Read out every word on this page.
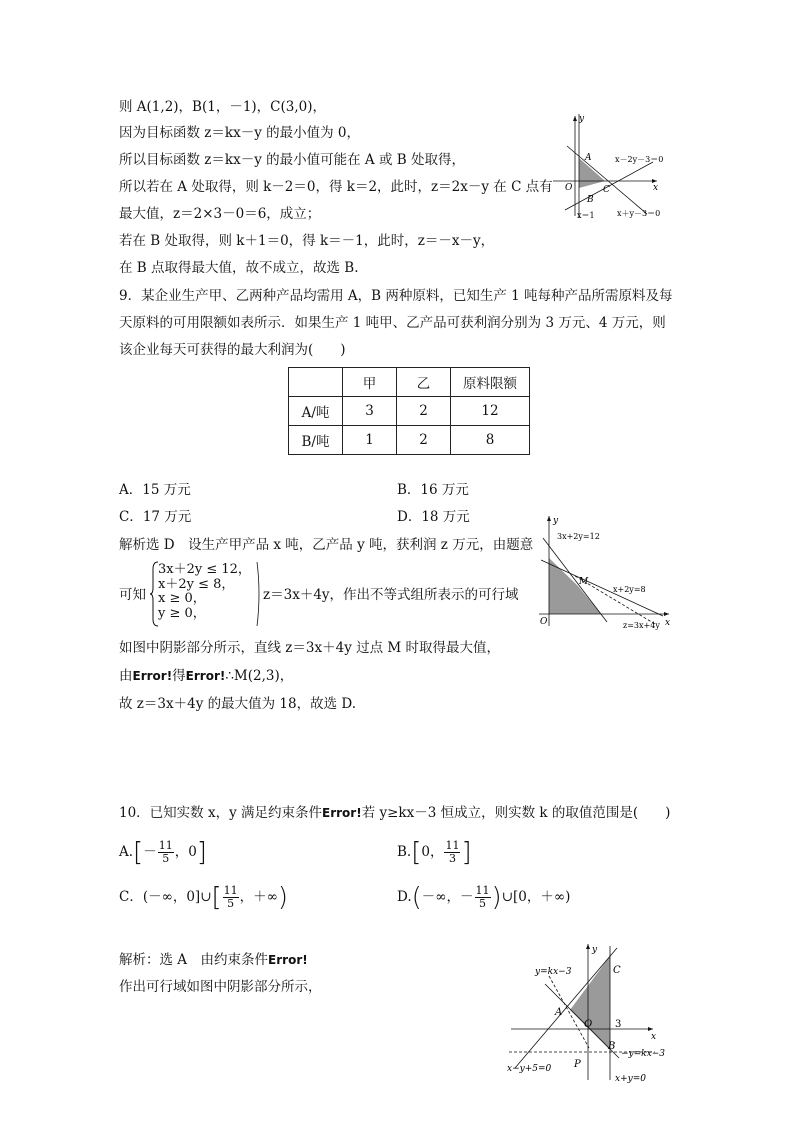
则 A(1,2)，B(1，－1)，C(3,0)，
因为目标函数 z＝kx－y 的最小值为 0，
所以目标函数 z＝kx－y 的最小值可能在 A 或 B 处取得，
所以若在 A 处取得，则 k－2＝0，得 k＝2，此时，z＝2x－y 在 C 点有
最大值，z＝2×3－0＝6，成立；
若在 B 处取得，则 k＋1＝0，得 k＝－1，此时，z＝－x－y，
在 B 点取得最大值，故不成立，故选 B.
y
x
O
A
B
C
x－2y－3＝0
x＋y－3＝0
x＝1
9．某企业生产甲、乙两种产品均需用 A，B 两种原料，已知生产 1 吨每种产品所需原料及每
天原料的可用限额如表所示．如果生产 1 吨甲、乙产品可获利润分别为 3 万元、4 万元，则
该企业每天可获得的最大利润为(　　)
	甲	乙	原料限额
A/吨	3	2	12
B/吨	1	2	8
A．15 万元	B．16 万元
C．17 万元	D．18 万元
解析选 D　设生产甲产品 x 吨，乙产品 y 吨，获利润 z 万元，由题意
可知
3x＋2y ≤ 12，
x＋2y ≤ 8，
x ≥ 0，
y ≥ 0，
z＝3x＋4y，作出不等式组所表示的可行域
如图中阴影部分所示，直线 z＝3x＋4y 过点 M 时取得最大值，
由Error!得Error!∴M(2,3)，
故 z＝3x＋4y 的最大值为 18，故选 D.
y
x
O
M
3x+2y=12
x+2y=8
z=3x+4y
10．已知实数 x，y 满足约束条件Error!若 y≥kx－3 恒成立，则实数 k 的取值范围是(　　)
$A.[- \frac{11}{5}$ ，0]	B.[0， $\frac{11}{3}$ ]
C．(－∞，0]∪[ $\frac{11}{5}$ ，＋∞)	D.(－∞，－ $\frac{11}{5}$ )∪[0，＋∞)
解析：选 A　由约束条件Error!
作出可行域如图中阴影部分所示，
y
x
O
A
B
C
P
3
y=kx−3
−y=kx−3
x−y+5=0
x+y=0
